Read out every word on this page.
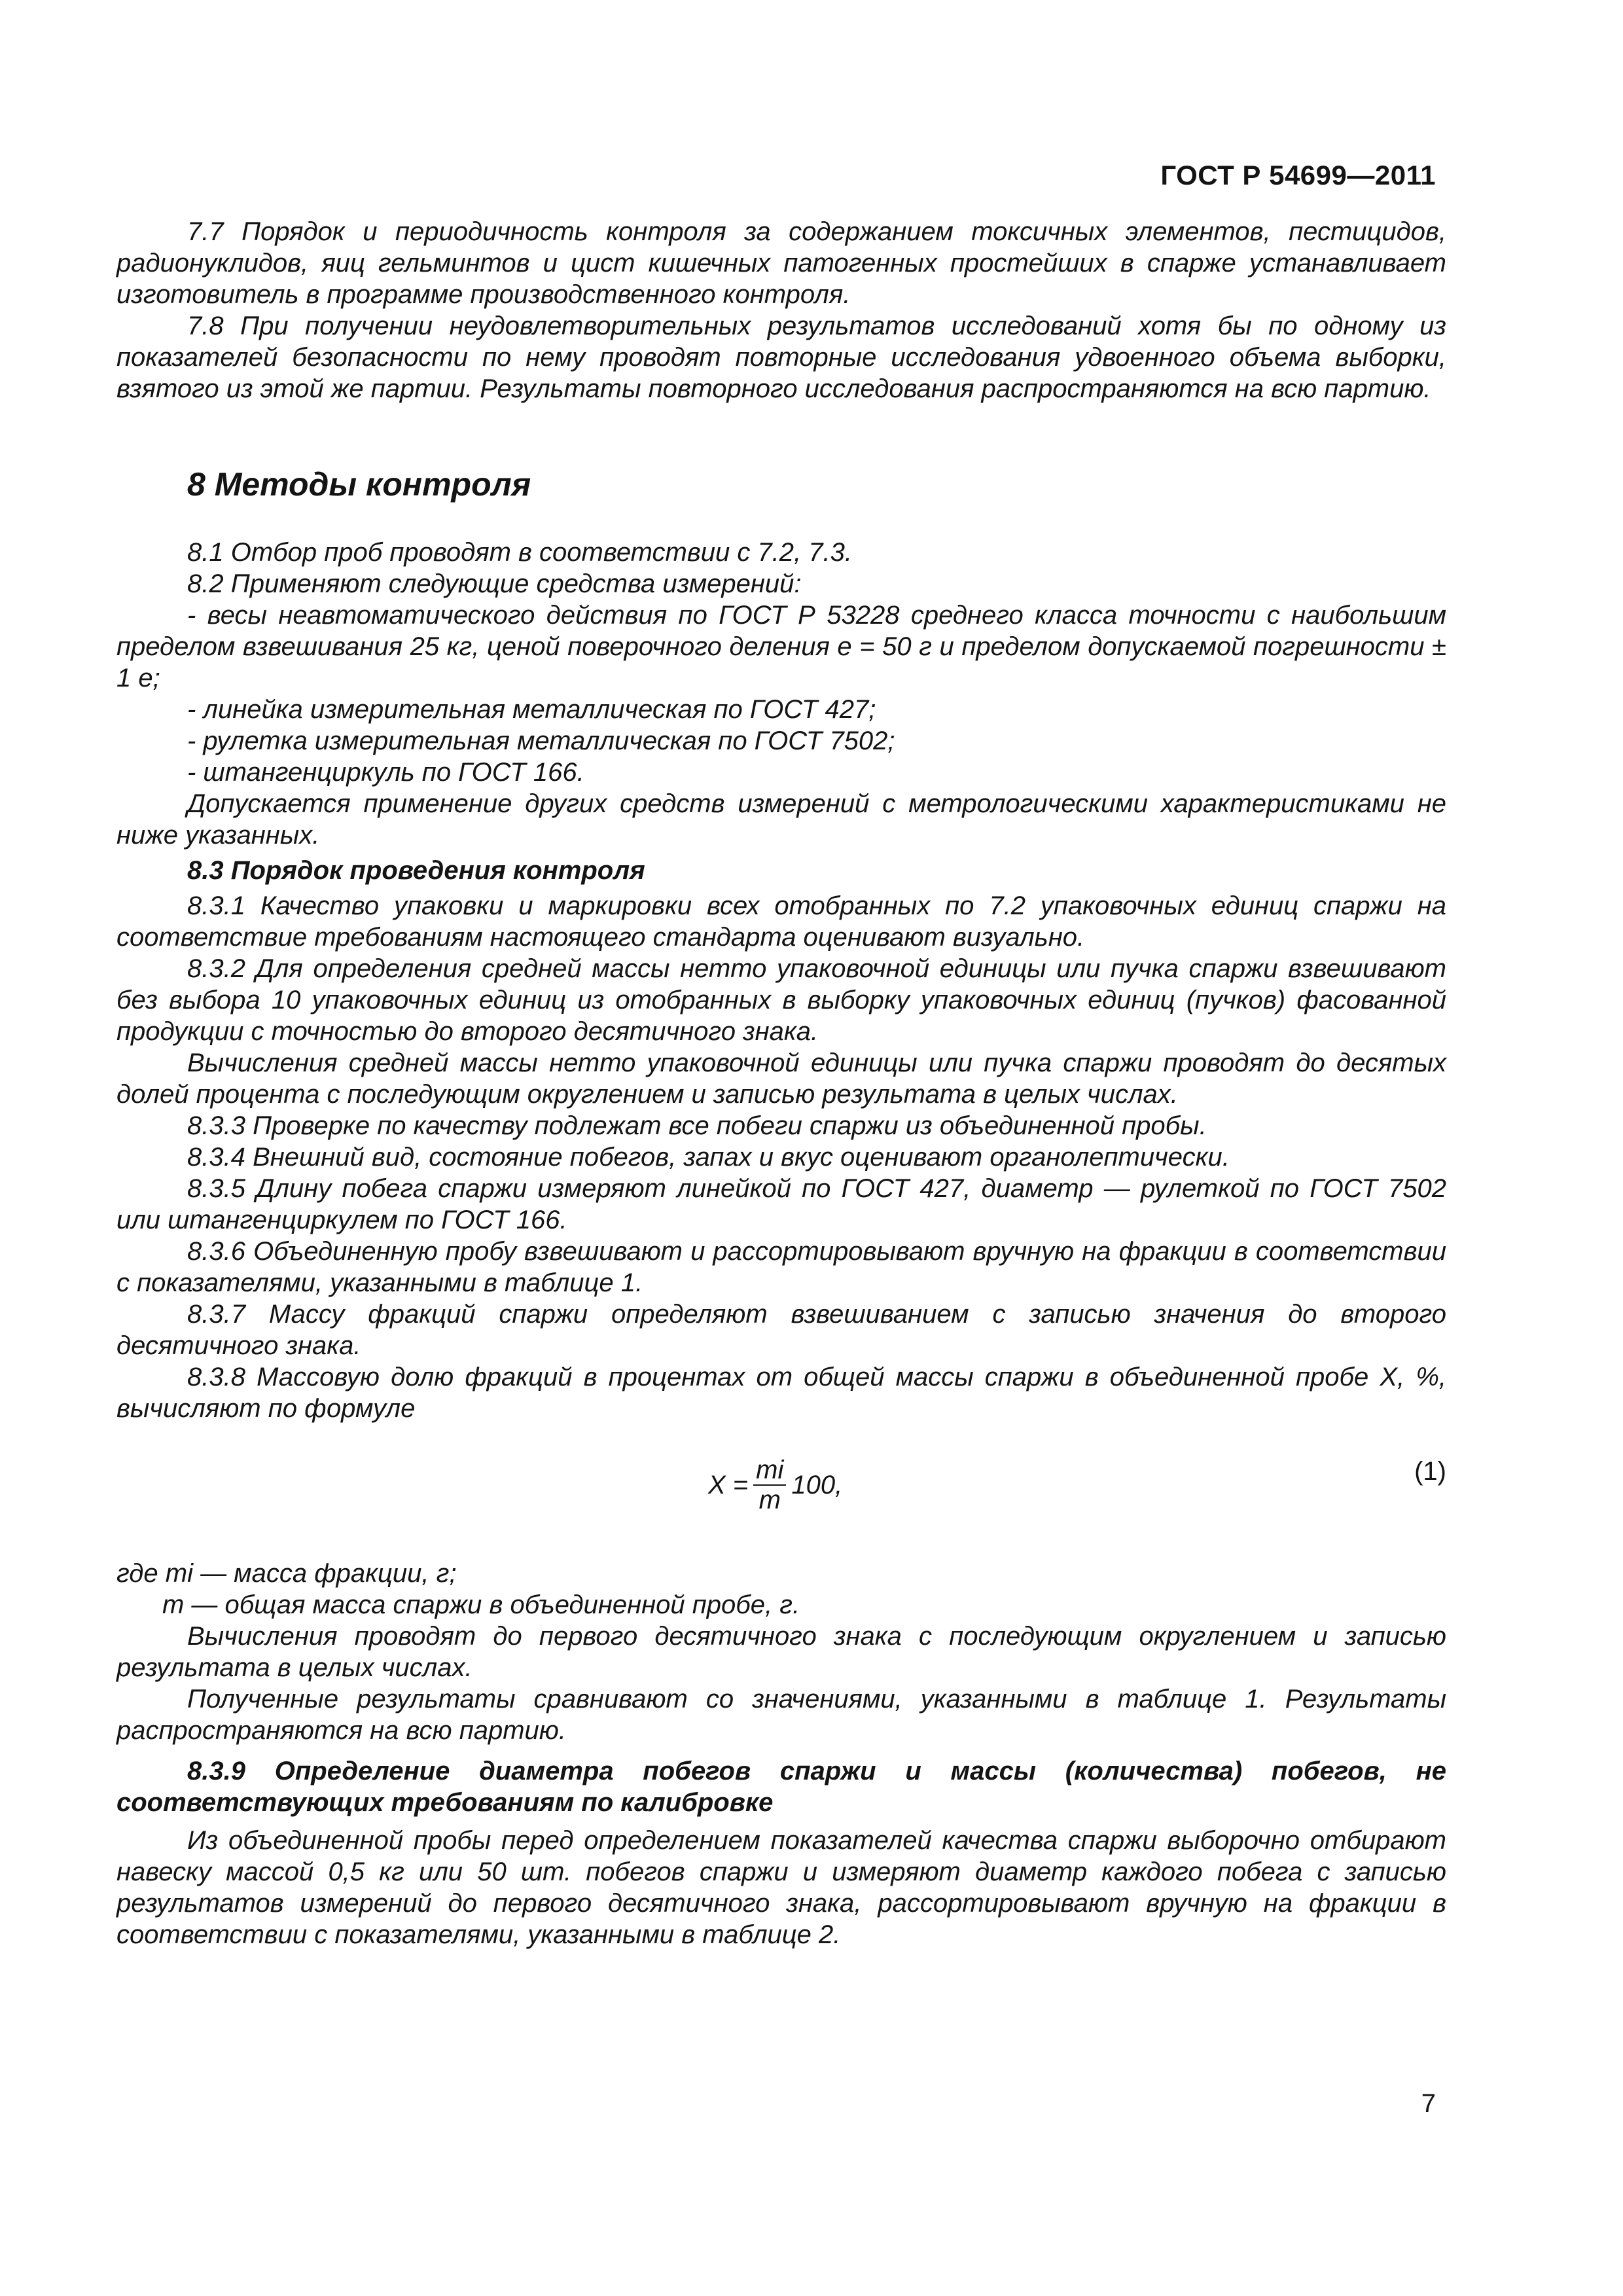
ГОСТ Р 54699—2011

7.7 Порядок и периодичность контроля за содержанием токсичных элементов, пестицидов, радионуклидов, яиц гельминтов и цист кишечных патогенных простейших в спарже устанавливает изготовитель в программе производственного контроля.

7.8 При получении неудовлетворительных результатов исследований хотя бы по одному из показателей безопасности по нему проводят повторные исследования удвоенного объема выборки, взятого из этой же партии. Результаты повторного исследования распространяются на всю партию.

8 Методы контроля

8.1 Отбор проб проводят в соответствии с 7.2, 7.3.

8.2 Применяют следующие средства измерений:

- весы неавтоматического действия по ГОСТ Р 53228 среднего класса точности с наибольшим пределом взвешивания 25 кг, ценой поверочного деления e = 50 г и пределом допускаемой погрешности ± 1 e;

- линейка измерительная металлическая по ГОСТ 427;

- рулетка измерительная металлическая по ГОСТ 7502;

- штангенциркуль по ГОСТ 166.

Допускается применение других средств измерений с метрологическими характеристиками не ниже указанных.

8.3 Порядок проведения контроля

8.3.1 Качество упаковки и маркировки всех отобранных по 7.2 упаковочных единиц спаржи на соответствие требованиям настоящего стандарта оценивают визуально.

8.3.2 Для определения средней массы нетто упаковочной единицы или пучка спаржи взвешивают без выбора 10 упаковочных единиц из отобранных в выборку упаковочных единиц (пучков) фасованной продукции с точностью до второго десятичного знака.

Вычисления средней массы нетто упаковочной единицы или пучка спаржи проводят до десятых долей процента с последующим округлением и записью результата в целых числах.

8.3.3 Проверке по качеству подлежат все побеги спаржи из объединенной пробы.

8.3.4 Внешний вид, состояние побегов, запах и вкус оценивают органолептически.

8.3.5 Длину побега спаржи измеряют линейкой по ГОСТ 427, диаметр — рулеткой по ГОСТ 7502 или штангенциркулем по ГОСТ 166.

8.3.6 Объединенную пробу взвешивают и рассортировывают вручную на фракции в соответствии с показателями, указанными в таблице 1.

8.3.7 Массу фракций спаржи определяют взвешиванием с записью значения до второго десятичного знака.

8.3.8 Массовую долю фракций в процентах от общей массы спаржи в объединенной пробе X, %, вычисляют по формуле

$X = \frac{mi}{m} 100$,	(1)

где mi — масса фракции, г;

m — общая масса спаржи в объединенной пробе, г.

Вычисления проводят до первого десятичного знака с последующим округлением и записью результата в целых числах.

Полученные результаты сравнивают со значениями, указанными в таблице 1. Результаты распространяются на всю партию.

8.3.9 Определение диаметра побегов спаржи и массы (количества) побегов, не соответствующих требованиям по калибровке

Из объединенной пробы перед определением показателей качества спаржи выборочно отбирают навеску массой 0,5 кг или 50 шт. побегов спаржи и измеряют диаметр каждого побега с записью результатов измерений до первого десятичного знака, рассортировывают вручную на фракции в соответствии с показателями, указанными в таблице 2.

7
